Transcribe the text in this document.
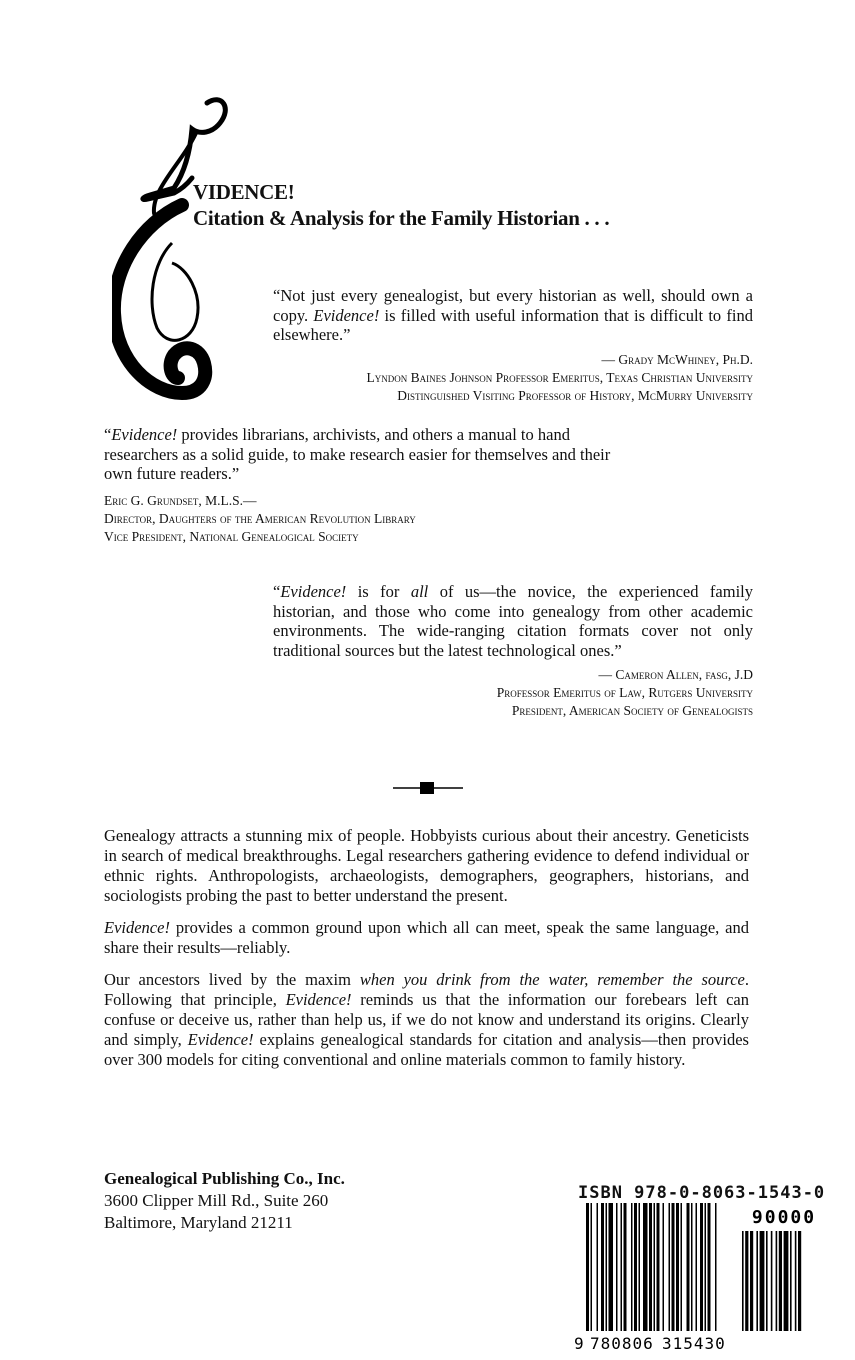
VIDENCE!
Citation & Analysis for the Family Historian . . .
“Not just every genealogist, but every historian as well, should own a copy. Evidence! is filled with useful information that is difficult to find elsewhere.”
— Grady McWhiney, Ph.D.
Lyndon Baines Johnson Professor Emeritus, Texas Christian University
Distinguished Visiting Professor of History, McMurry University
“Evidence! provides librarians, archivists, and others a manual to hand researchers as a solid guide, to make research easier for themselves and their own future readers.”
Eric G. Grundset, M.L.S.—
Director, Daughters of the American Revolution Library
Vice President, National Genealogical Society
“Evidence! is for all of us—the novice, the experienced family historian, and those who come into genealogy from other academic environments. The wide-ranging citation formats cover not only traditional sources but the latest technological ones.”
— Cameron Allen, fasg, J.D
Professor Emeritus of Law, Rutgers University
President, American Society of Genealogists

Genealogy attracts a stunning mix of people. Hobbyists curious about their ancestry. Geneticists in search of medical breakthroughs. Legal researchers gathering evidence to defend individual or ethnic rights. Anthropologists, archaeologists, demographers, geographers, historians, and sociologists probing the past to better understand the present.

Evidence! provides a common ground upon which all can meet, speak the same language, and share their results—reliably.

Our ancestors lived by the maxim when you drink from the water, remember the source. Following that principle, Evidence! reminds us that the information our forebears left can confuse or deceive us, rather than help us, if we do not know and understand its origins. Clearly and simply, Evidence! explains genealogical standards for citation and analysis—then provides over 300 models for citing conventional and online materials common to family history.

Genealogical Publishing Co., Inc.
3600 Clipper Mill Rd., Suite 260
Baltimore, Maryland 21211
ISBN 978-0-8063-1543-0
90000
9 780806 315430
